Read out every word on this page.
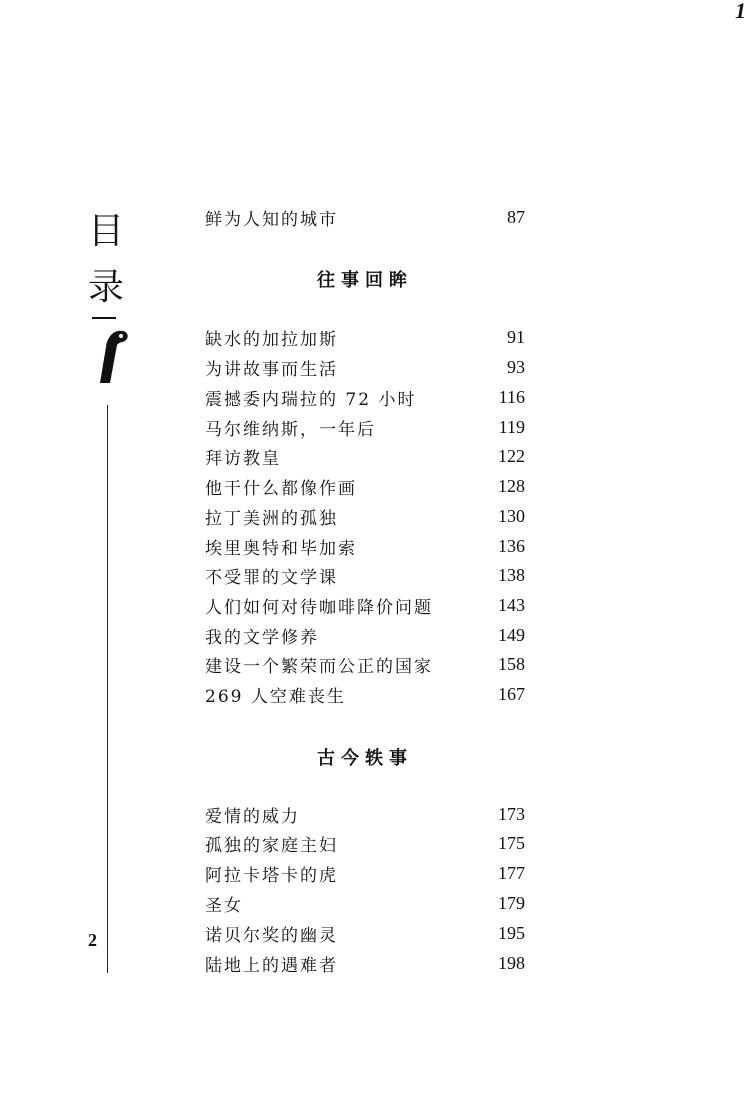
1
目
录
2
鲜为人知的城市	87
往事回眸
缺水的加拉加斯	91
为讲故事而生活	93
震撼委内瑞拉的 72 小时	116
马尔维纳斯，一年后	119
拜访教皇	122
他干什么都像作画	128
拉丁美洲的孤独	130
埃里奥特和毕加索	136
不受罪的文学课	138
人们如何对待咖啡降价问题	143
我的文学修养	149
建设一个繁荣而公正的国家	158
269 人空难丧生	167
古今轶事
爱情的威力	173
孤独的家庭主妇	175
阿拉卡塔卡的虎	177
圣女	179
诺贝尔奖的幽灵	195
陆地上的遇难者	198
